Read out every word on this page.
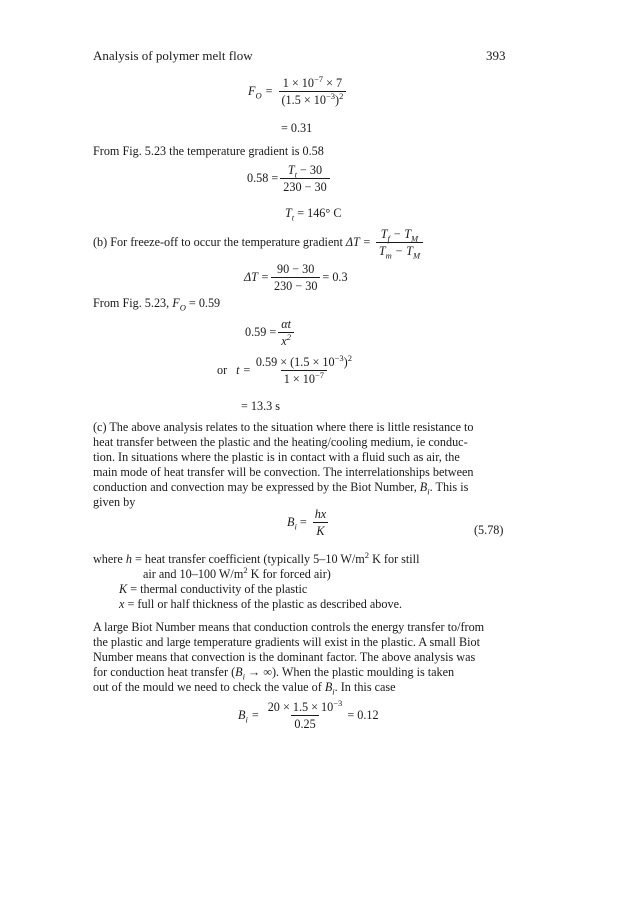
Analysis of polymer melt flow	393
$F_O = \frac{1 \times 10^{-7} \times 7}{(1.5 \times 10^{-3})^2}$
= 0.31
From Fig. 5.23 the temperature gradient is 0.58
$0.58 = \frac{T_t - 30}{230 - 30}$
$T_t = 146^\circ$ C
(b) For freeze-off to occur the temperature gradient $\Delta T = \frac{T_f - T_M}{T_m - T_M}$
$\Delta T = \frac{90 - 30}{230 - 30} = 0.3$
From Fig. 5.23, $F_O = 0.59$
$0.59 = \frac{\alpha t}{x^2}$
or $t = \frac{0.59 \times (1.5 \times 10^{-3})^2}{1 \times 10^{-7}}$
= 13.3 s

(c) The above analysis relates to the situation where there is little resistance to

heat transfer between the plastic and the heating/cooling medium, ie conduc-

tion. In situations where the plastic is in contact with a fluid such as air, the

main mode of heat transfer will be convection. The interrelationships between

conduction and convection may be expressed by the Biot Number, $B_i$. This is

given by

$B_i = \frac{hx}{K}$	(5.78)
where h = heat transfer coefficient (typically 5–10 $W/m^2$ K for still
air and 10–100 $W/m^2$ K for forced air)
K = thermal conductivity of the plastic
x = full or half thickness of the plastic as described above.

A large Biot Number means that conduction controls the energy transfer to/from

the plastic and large temperature gradients will exist in the plastic. A small Biot

Number means that convection is the dominant factor. The above analysis was

for conduction heat transfer ($B_i$ → ∞). When the plastic moulding is taken

out of the mould we need to check the value of $B_i$. In this case

$B_i = \frac{20 \times 1.5 \times 10^{-3}}{0.25} = 0.12$
